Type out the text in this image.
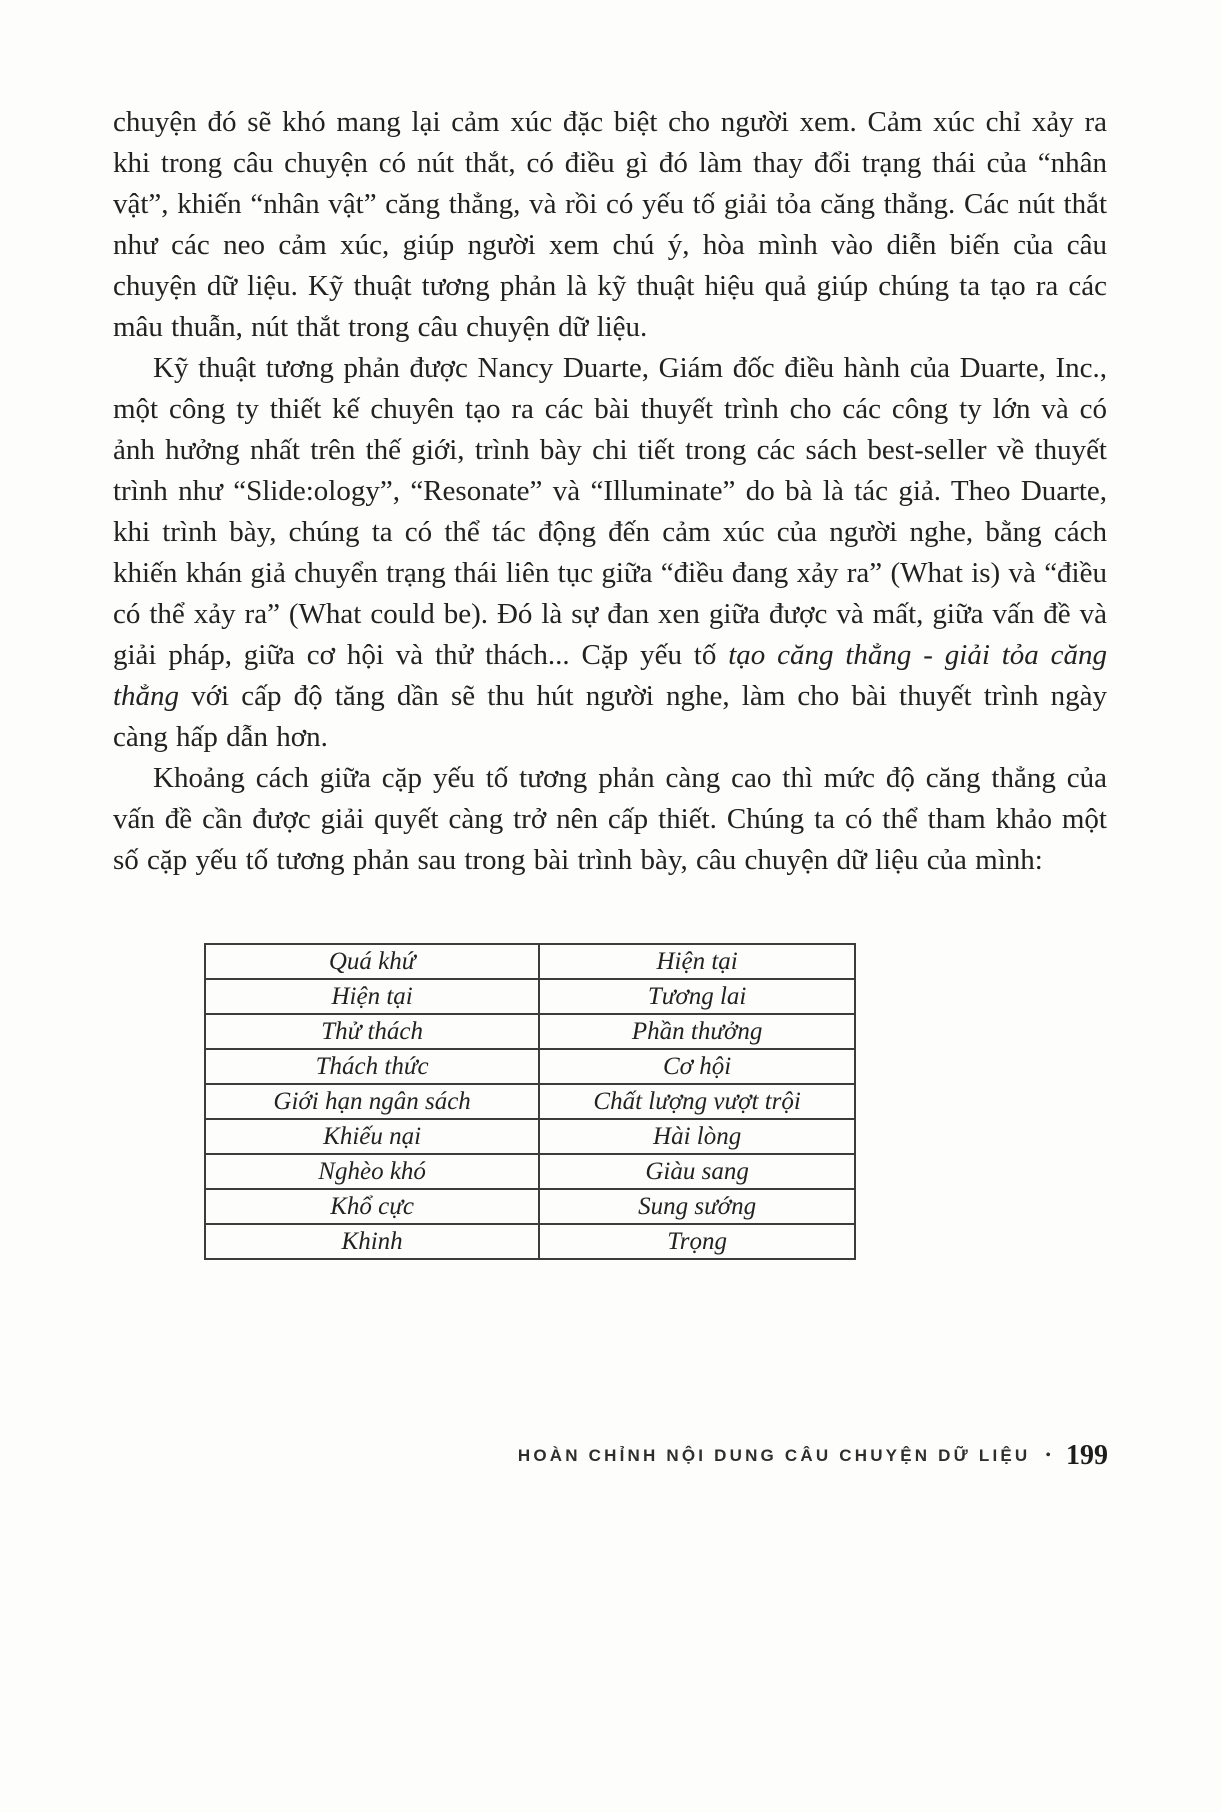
chuyện đó sẽ khó mang lại cảm xúc đặc biệt cho người xem. Cảm xúc chỉ xảy ra khi trong câu chuyện có nút thắt, có điều gì đó làm thay đổi trạng thái của “nhân vật”, khiến “nhân vật” căng thẳng, và rồi có yếu tố giải tỏa căng thẳng. Các nút thắt như các neo cảm xúc, giúp người xem chú ý, hòa mình vào diễn biến của câu chuyện dữ liệu. Kỹ thuật tương phản là kỹ thuật hiệu quả giúp chúng ta tạo ra các mâu thuẫn, nút thắt trong câu chuyện dữ liệu.

Kỹ thuật tương phản được Nancy Duarte, Giám đốc điều hành của Duarte, Inc., một công ty thiết kế chuyên tạo ra các bài thuyết trình cho các công ty lớn và có ảnh hưởng nhất trên thế giới, trình bày chi tiết trong các sách best-seller về thuyết trình như “Slide:ology”, “Resonate” và “Illuminate” do bà là tác giả. Theo Duarte, khi trình bày, chúng ta có thể tác động đến cảm xúc của người nghe, bằng cách khiến khán giả chuyển trạng thái liên tục giữa “điều đang xảy ra” (What is) và “điều có thể xảy ra” (What could be). Đó là sự đan xen giữa được và mất, giữa vấn đề và giải pháp, giữa cơ hội và thử thách... Cặp yếu tố tạo căng thẳng - giải tỏa căng thẳng với cấp độ tăng dần sẽ thu hút người nghe, làm cho bài thuyết trình ngày càng hấp dẫn hơn.

Khoảng cách giữa cặp yếu tố tương phản càng cao thì mức độ căng thẳng của vấn đề cần được giải quyết càng trở nên cấp thiết. Chúng ta có thể tham khảo một số cặp yếu tố tương phản sau trong bài trình bày, câu chuyện dữ liệu của mình:

Quá khứ	Hiện tại
Hiện tại	Tương lai
Thử thách	Phần thưởng
Thách thức	Cơ hội
Giới hạn ngân sách	Chất lượng vượt trội
Khiếu nại	Hài lòng
Nghèo khó	Giàu sang
Khổ cực	Sung sướng
Khinh	Trọng
HOÀN CHỈNH NỘI DUNG CÂU CHUYỆN DỮ LIỆU • 199
